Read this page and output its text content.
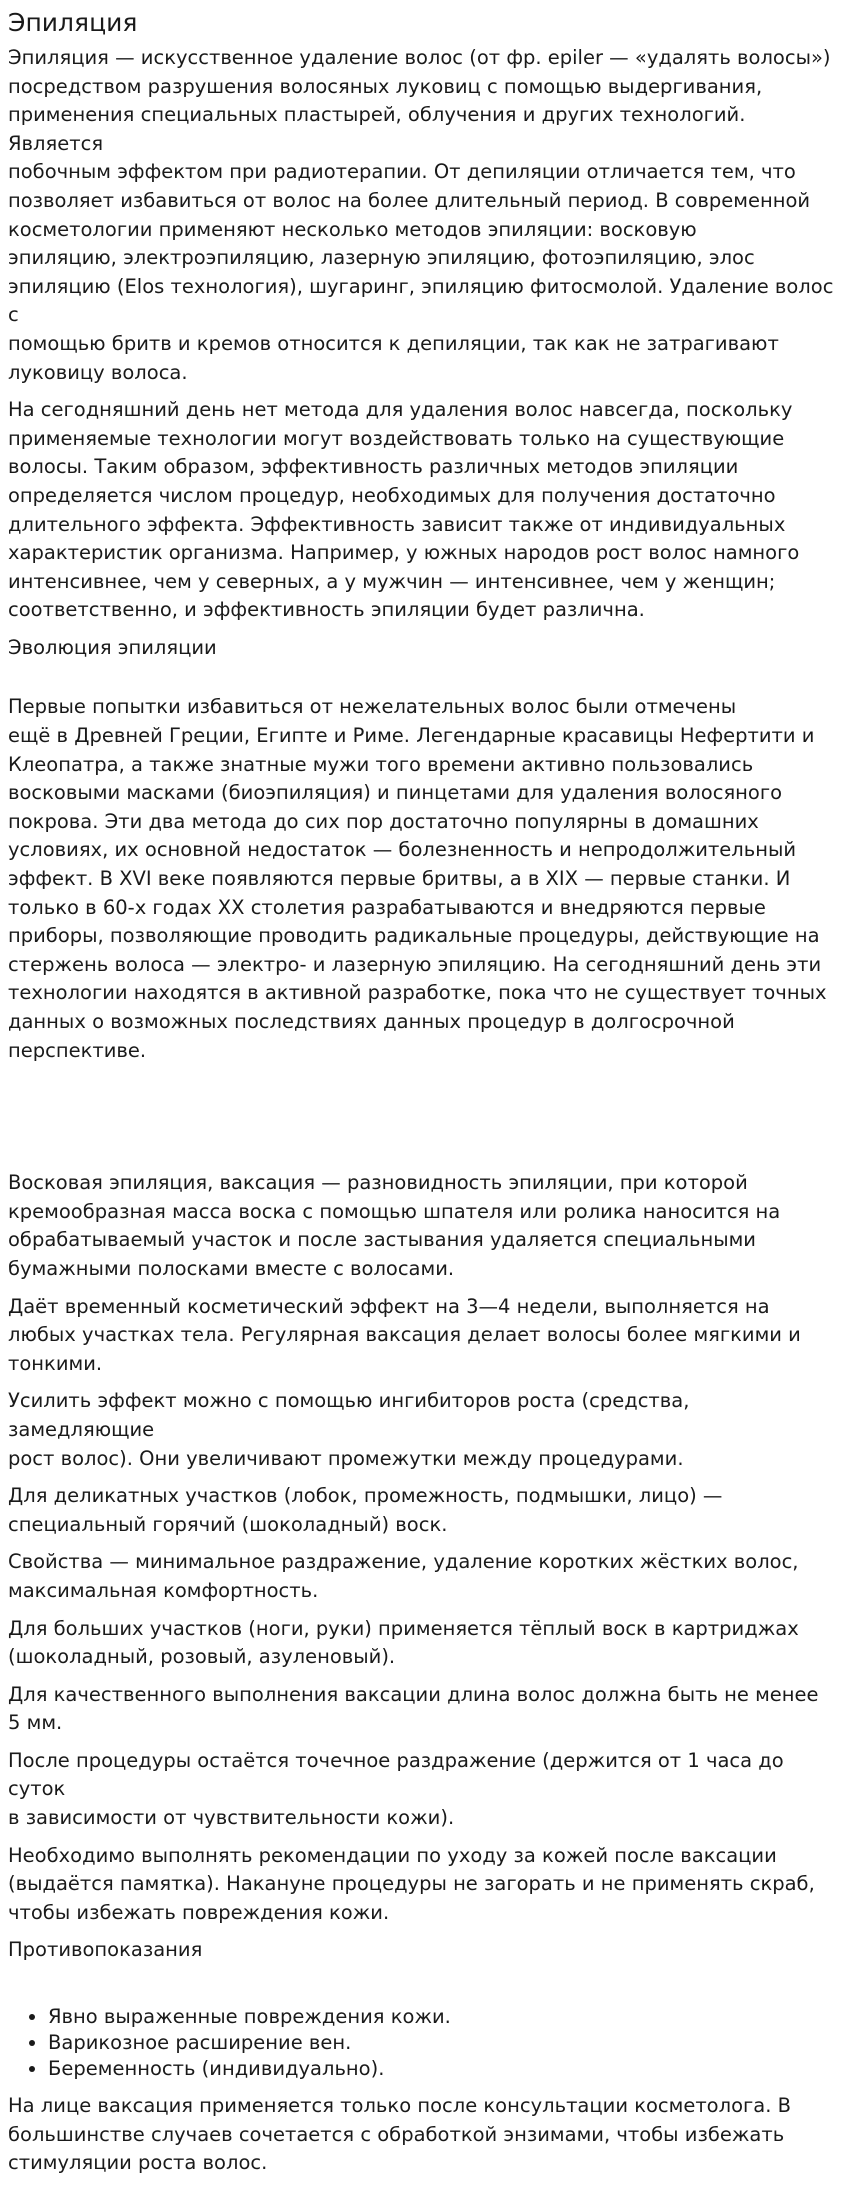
Эпиляция

Эпиляция — искусственное удаление волос (от фр. epiler — «удалять волосы»)
посредством разрушения волосяных луковиц с помощью выдергивания,
применения специальных пластырей, облучения и других технологий. Является
побочным эффектом при радиотерапии. От депиляции отличается тем, что
позволяет избавиться от волос на более длительный период. В современной
косметологии применяют несколько методов эпиляции: восковую
эпиляцию, электроэпиляцию, лазерную эпиляцию, фотоэпиляцию, элос
эпиляцию (Elos технология), шугаринг, эпиляцию фитосмолой. Удаление волос с
помощью бритв и кремов относится к депиляции, так как не затрагивают
луковицу волоса.

На сегодняшний день нет метода для удаления волос навсегда, поскольку
применяемые технологии могут воздействовать только на существующие
волосы. Таким образом, эффективность различных методов эпиляции
определяется числом процедур, необходимых для получения достаточно
длительного эффекта. Эффективность зависит также от индивидуальных
характеристик организма. Например, у южных народов рост волос намного
интенсивнее, чем у северных, а у мужчин — интенсивнее, чем у женщин;
соответственно, и эффективность эпиляции будет различна.

Эволюция эпиляции

Первые попытки избавиться от нежелательных волос были отмечены
ещё в Древней Греции, Египте и Риме. Легендарные красавицы Нефертити и
Клеопатра, а также знатные мужи того времени активно пользовались
восковыми масками (биоэпиляция) и пинцетами для удаления волосяного
покрова. Эти два метода до сих пор достаточно популярны в домашних
условиях, их основной недостаток — болезненность и непродолжительный
эффект. В XVI веке появляются первые бритвы, а в XIX — первые станки. И
только в 60-х годах XX столетия разрабатываются и внедряются первые
приборы, позволяющие проводить радикальные процедуры, действующие на
стержень волоса — электро- и лазерную эпиляцию. На сегодняшний день эти
технологии находятся в активной разработке, пока что не существует точных
данных о возможных последствиях данных процедур в долгосрочной
перспективе.

Восковая эпиляция, ваксация — разновидность эпиляции, при которой
кремообразная масса воска с помощью шпателя или ролика наносится на
обрабатываемый участок и после застывания удаляется специальными
бумажными полосками вместе с волосами.

Даёт временный косметический эффект на 3—4 недели, выполняется на
любых участках тела. Регулярная ваксация делает волосы более мягкими и
тонкими.

Усилить эффект можно с помощью ингибиторов роста (средства, замедляющие
рост волос). Они увеличивают промежутки между процедурами.

Для деликатных участков (лобок, промежность, подмышки, лицо) —
специальный горячий (шоколадный) воск.

Свойства — минимальное раздражение, удаление коротких жёстких волос,
максимальная комфортность.

Для больших участков (ноги, руки) применяется тёплый воск в картриджах
(шоколадный, розовый, азуленовый).

Для качественного выполнения ваксации длина волос должна быть не менее
5 мм.

После процедуры остаётся точечное раздражение (держится от 1 часа до суток
в зависимости от чувствительности кожи).

Необходимо выполнять рекомендации по уходу за кожей после ваксации
(выдаётся памятка). Накануне процедуры не загорать и не применять скраб,
чтобы избежать повреждения кожи.

Противопоказания
• Явно выраженные повреждения кожи.
• Варикозное расширение вен.
• Беременность (индивидуально).

На лице ваксация применяется только после консультации косметолога. В
большинстве случаев сочетается с обработкой энзимами, чтобы избежать
стимуляции роста волос.
